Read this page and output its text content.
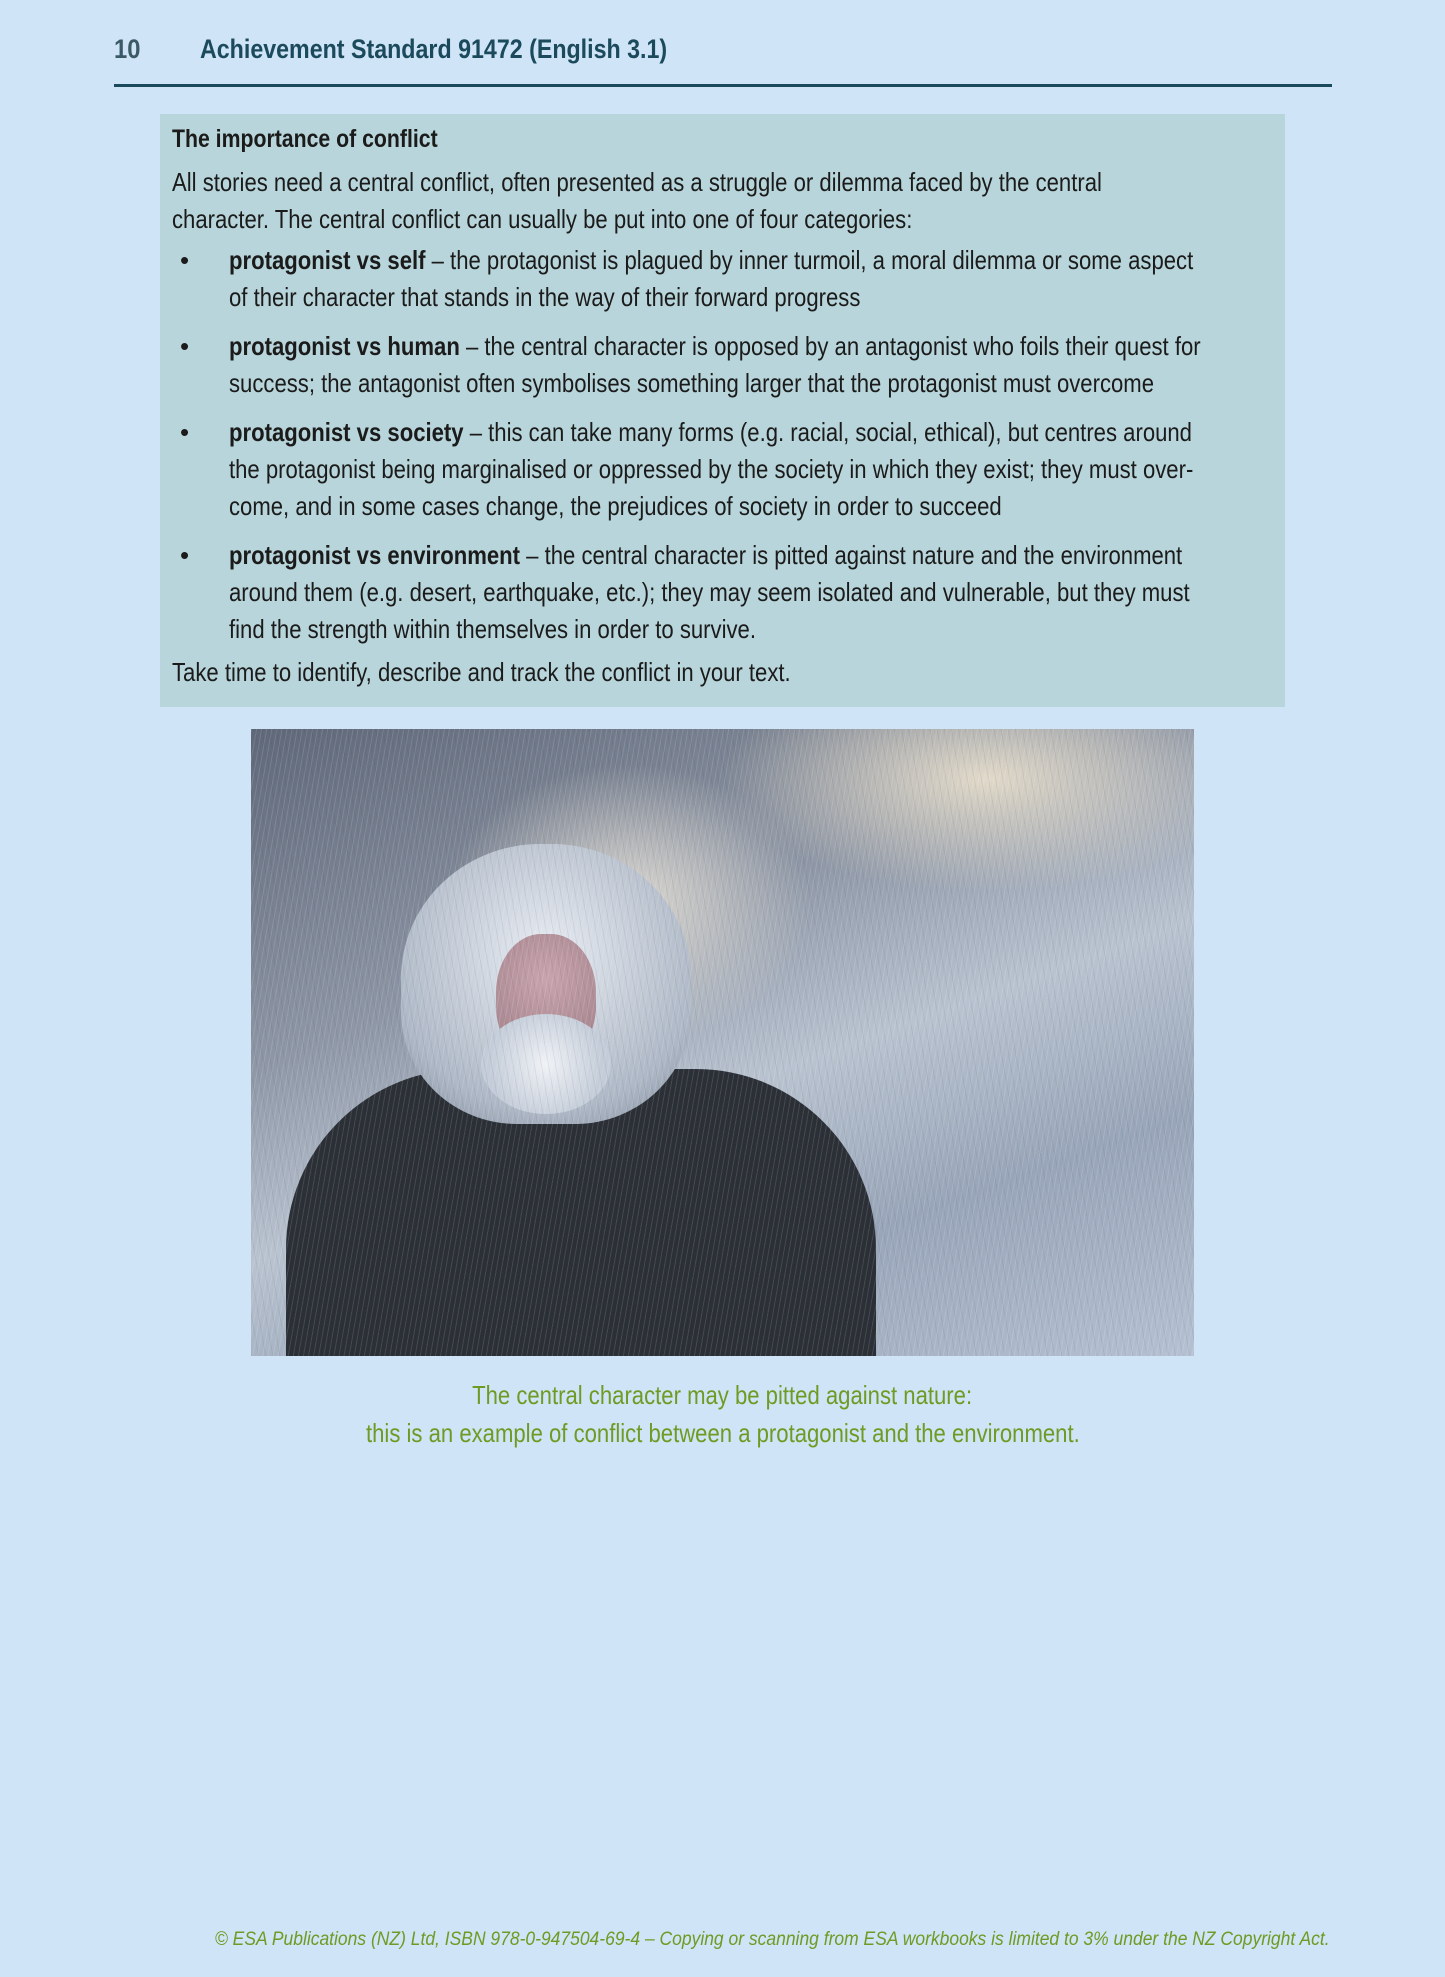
10 Achievement Standard 91472 (English 3.1)
The importance of conflict
All stories need a central conflict, often presented as a struggle or dilemma faced by the central
character. The central conflict can usually be put into one of four categories:
• protagonist vs self – the protagonist is plagued by inner turmoil, a moral dilemma or some aspect
of their character that stands in the way of their forward progress
• protagonist vs human – the central character is opposed by an antagonist who foils their quest for
success; the antagonist often symbolises something larger that the protagonist must overcome
• protagonist vs society – this can take many forms (e.g. racial, social, ethical), but centres around
the protagonist being marginalised or oppressed by the society in which they exist; they must over-
come, and in some cases change, the prejudices of society in order to succeed
• protagonist vs environment – the central character is pitted against nature and the environment
around them (e.g. desert, earthquake, etc.); they may seem isolated and vulnerable, but they must
find the strength within themselves in order to survive.
Take time to identify, describe and track the conflict in your text.
The central character may be pitted against nature:
this is an example of conflict between a protagonist and the environment.
© ESA Publications (NZ) Ltd, ISBN 978-0-947504-69-4 – Copying or scanning from ESA workbooks is limited to 3% under the NZ Copyright Act.
